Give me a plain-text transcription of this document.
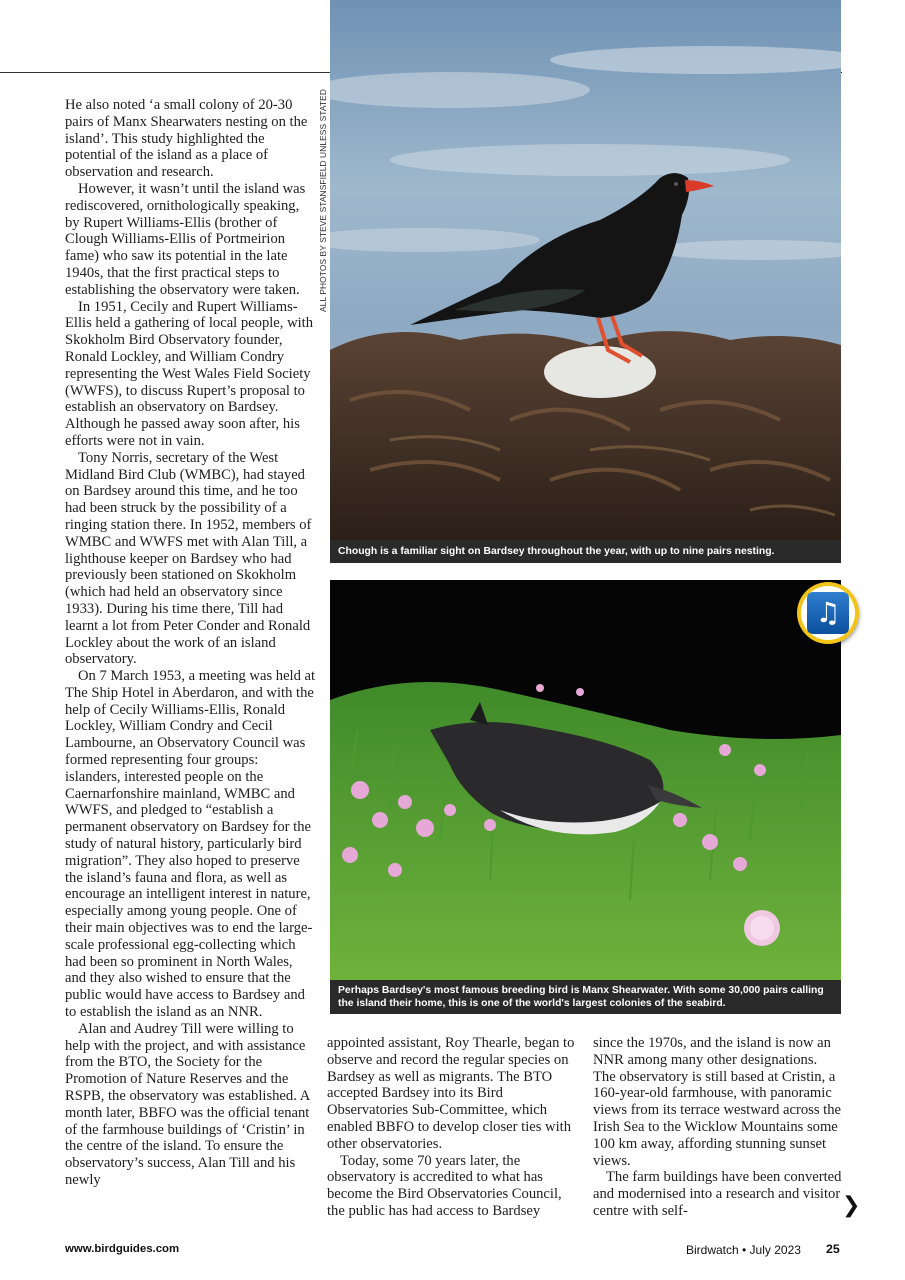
He also noted ‘a small colony of 20-30 pairs of Manx Shearwaters nesting on the island’. This study highlighted the potential of the island as a place of observation and research.

However, it wasn’t until the island was rediscovered, ornithologically speaking, by Rupert Williams-Ellis (brother of Clough Williams-Ellis of Portmeirion fame) who saw its potential in the late 1940s, that the first practical steps to establishing the observatory were taken.

In 1951, Cecily and Rupert Williams-Ellis held a gathering of local people, with Skokholm Bird Observatory founder, Ronald Lockley, and William Condry representing the West Wales Field Society (WWFS), to discuss Rupert’s proposal to establish an observatory on Bardsey. Although he passed away soon after, his efforts were not in vain.

Tony Norris, secretary of the West Midland Bird Club (WMBC), had stayed on Bardsey around this time, and he too had been struck by the possibility of a ringing station there. In 1952, members of WMBC and WWFS met with Alan Till, a lighthouse keeper on Bardsey who had previously been stationed on Skokholm (which had held an observatory since 1933). During his time there, Till had learnt a lot from Peter Conder and Ronald Lockley about the work of an island observatory.

On 7 March 1953, a meeting was held at The Ship Hotel in Aberdaron, and with the help of Cecily Williams-Ellis, Ronald Lockley, William Condry and Cecil Lambourne, an Observatory Council was formed representing four groups: islanders, interested people on the Caernarfonshire mainland, WMBC and WWFS, and pledged to “establish a permanent observatory on Bardsey for the study of natural history, particularly bird migration”. They also hoped to preserve the island’s fauna and flora, as well as encourage an intelligent interest in nature, especially among young people. One of their main objectives was to end the large-scale professional egg-collecting which had been so prominent in North Wales, and they also wished to ensure that the public would have access to Bardsey and to establish the island as an NNR.

Alan and Audrey Till were willing to help with the project, and with assistance from the BTO, the Society for the Promotion of Nature Reserves and the RSPB, the observatory was established. A month later, BBFO was the official tenant of the farmhouse buildings of ‘Cristin’ in the centre of the island. To ensure the observatory’s success, Alan Till and his newly

ALL PHOTOS BY STEVE STANSFIELD UNLESS STATED
Chough is a familiar sight on Bardsey throughout the year, with up to nine pairs nesting.
Perhaps Bardsey's most famous breeding bird is Manx Shearwater. With some 30,000 pairs calling the island their home, this is one of the world's largest colonies of the seabird.
♫

appointed assistant, Roy Thearle, began to observe and record the regular species on Bardsey as well as migrants. The BTO accepted Bardsey into its Bird Observatories Sub-Committee, which enabled BBFO to develop closer ties with other observatories.

Today, some 70 years later, the observatory is accredited to what has become the Bird Observatories Council, the public has had access to Bardsey

since the 1970s, and the island is now an NNR among many other designations. The observatory is still based at Cristin, a 160-year-old farmhouse, with panoramic views from its terrace westward across the Irish Sea to the Wicklow Mountains some 100 km away, affording stunning sunset views.

The farm buildings have been converted and modernised into a research and visitor centre with self-	❯
www.birdguides.com	Birdwatch • July 2023 25
